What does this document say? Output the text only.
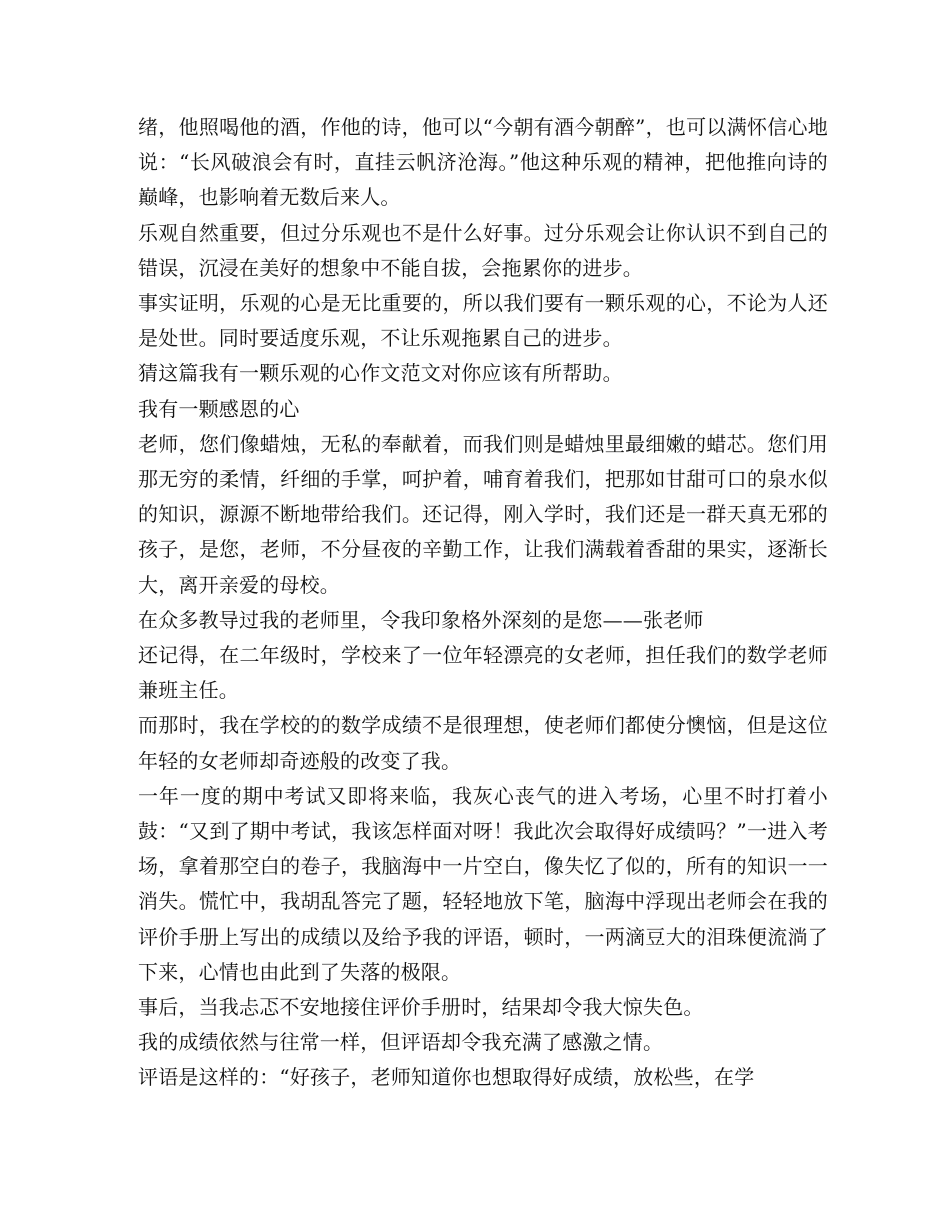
绪，他照喝他的酒，作他的诗，他可以“今朝有酒今朝醉”，也可以满怀信心地说：“长风破浪会有时，直挂云帆济沧海。”他这种乐观的精神，把他推向诗的巅峰，也影响着无数后来人。

乐观自然重要，但过分乐观也不是什么好事。过分乐观会让你认识不到自己的错误，沉浸在美好的想象中不能自拔，会拖累你的进步。

事实证明，乐观的心是无比重要的，所以我们要有一颗乐观的心，不论为人还是处世。同时要适度乐观，不让乐观拖累自己的进步。

猜这篇我有一颗乐观的心作文范文对你应该有所帮助。

我有一颗感恩的心

老师，您们像蜡烛，无私的奉献着，而我们则是蜡烛里最细嫩的蜡芯。您们用那无穷的柔情，纤细的手掌，呵护着，哺育着我们，把那如甘甜可口的泉水似的知识，源源不断地带给我们。还记得，刚入学时，我们还是一群天真无邪的孩子，是您，老师，不分昼夜的辛勤工作，让我们满载着香甜的果实，逐渐长大，离开亲爱的母校。

在众多教导过我的老师里，令我印象格外深刻的是您——张老师

还记得，在二年级时，学校来了一位年轻漂亮的女老师，担任我们的数学老师兼班主任。

而那时，我在学校的的数学成绩不是很理想，使老师们都使分懊恼，但是这位年轻的女老师却奇迹般的改变了我。

一年一度的期中考试又即将来临，我灰心丧气的进入考场，心里不时打着小鼓：“又到了期中考试，我该怎样面对呀！我此次会取得好成绩吗？”一进入考场，拿着那空白的卷子，我脑海中一片空白，像失忆了似的，所有的知识一一消失。慌忙中，我胡乱答完了题，轻轻地放下笔，脑海中浮现出老师会在我的评价手册上写出的成绩以及给予我的评语，顿时，一两滴豆大的泪珠便流淌了下来，心情也由此到了失落的极限。

事后，当我忐忑不安地接住评价手册时，结果却令我大惊失色。

我的成绩依然与往常一样，但评语却令我充满了感激之情。

评语是这样的：“好孩子，老师知道你也想取得好成绩，放松些，在学
